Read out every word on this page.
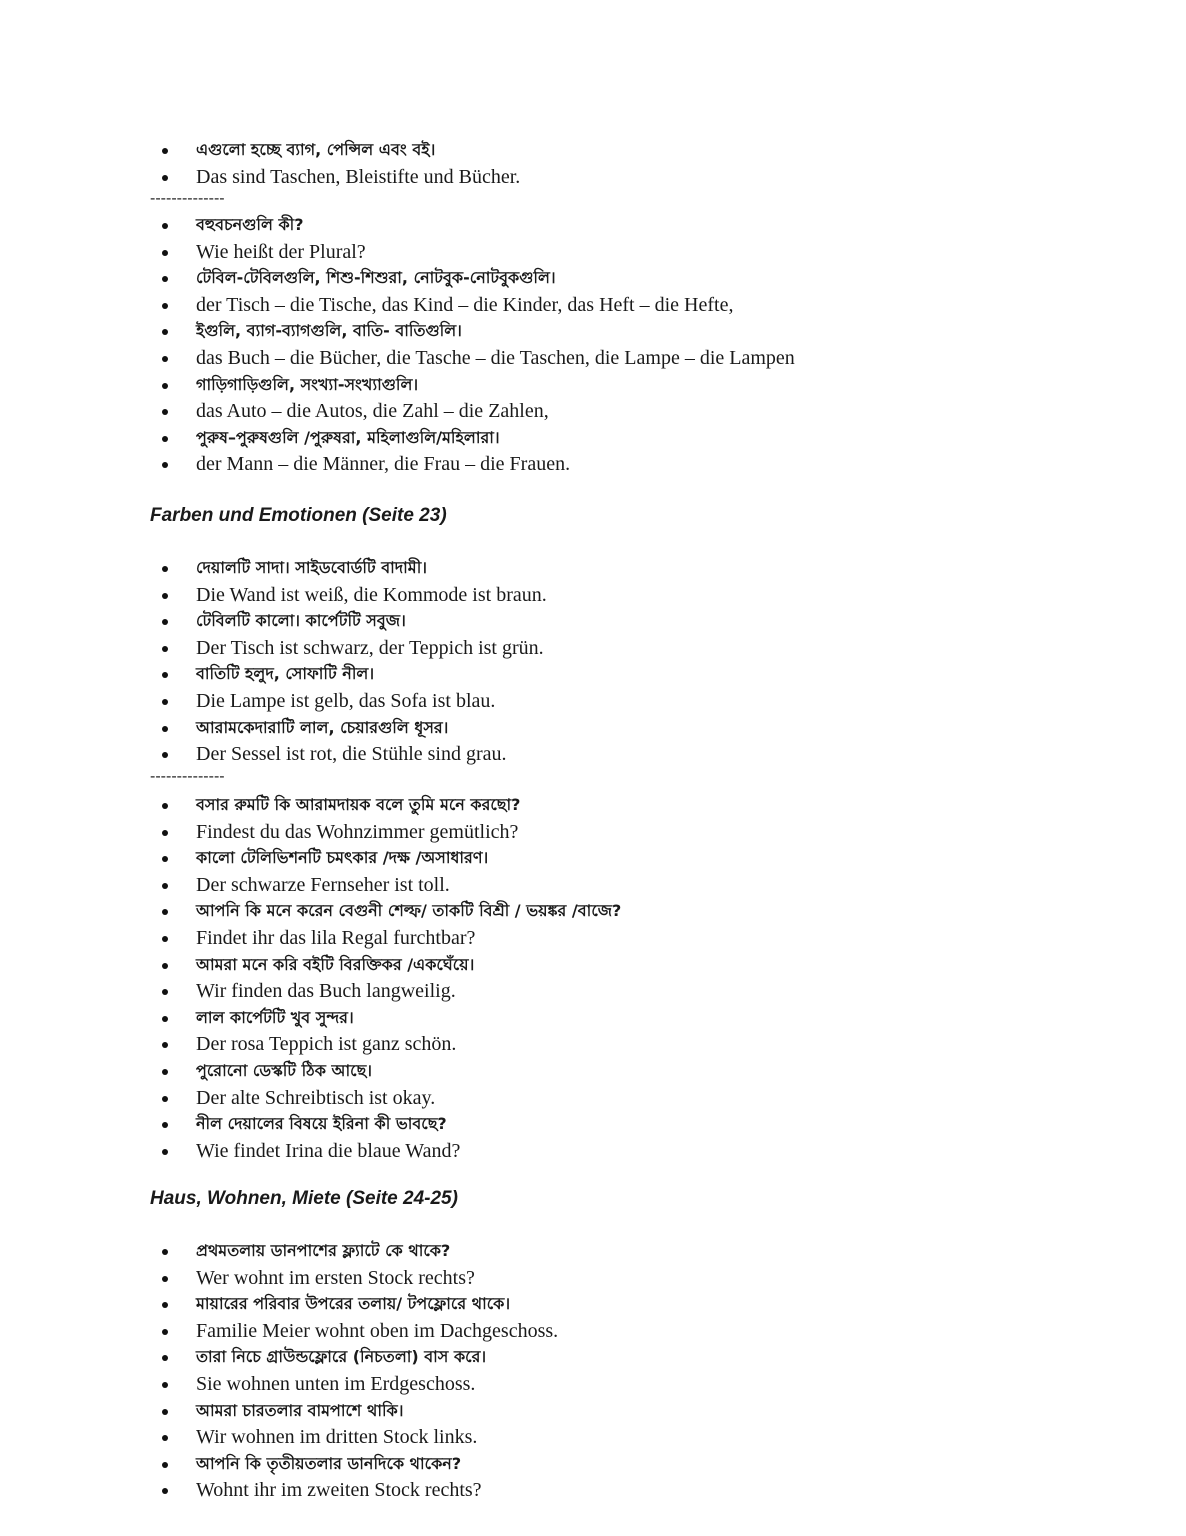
এগুলো হচ্ছে ব্যাগ, পেন্সিল এবং বই।
Das sind Taschen, Bleistifte und Bücher.
--------------
বহুবচনগুলি কী?
Wie heißt der Plural?
টেবিল-টেবিলগুলি, শিশু-শিশুরা, নোটবুক-নোটবুকগুলি।
der Tisch – die Tische, das Kind – die Kinder, das Heft – die Hefte,
ইগুলি, ব্যাগ-ব্যাগগুলি, বাতি- বাতিগুলি।
das Buch – die Bücher, die Tasche – die Taschen, die Lampe – die Lampen
গাড়িগাড়িগুলি, সংখ্যা-সংখ্যাগুলি।
das Auto – die Autos, die Zahl – die Zahlen,
পুরুষ–পুরুষগুলি /পুরুষরা, মহিলাগুলি/মহিলারা।
der Mann – die Männer, die Frau – die Frauen.
Farben und Emotionen (Seite 23)
দেয়ালটি সাদা। সাইডবোর্ডটি বাদামী।
Die Wand ist weiß, die Kommode ist braun.
টেবিলটি কালো। কার্পেটটি সবুজ।
Der Tisch ist schwarz, der Teppich ist grün.
বাতিটি হলুদ, সোফাটি নীল।
Die Lampe ist gelb, das Sofa ist blau.
আরামকেদারাটি লাল, চেয়ারগুলি ধূসর।
Der Sessel ist rot, die Stühle sind grau.
--------------
বসার রুমটি কি আরামদায়ক বলে তুমি মনে করছো?
Findest du das Wohnzimmer gemütlich?
কালো টেলিভিশনটি চমৎকার /দক্ষ /অসাধারণ।
Der schwarze Fernseher ist toll.
আপনি কি মনে করেন বেগুনী শেল্ফ/ তাকটি বিশ্রী / ভয়ঙ্কর /বাজে?
Findet ihr das lila Regal furchtbar?
আমরা মনে করি বইটি বিরক্তিকর /একঘেঁয়ে।
Wir finden das Buch langweilig.
লাল কার্পেটটি খুব সুন্দর।
Der rosa Teppich ist ganz schön.
পুরোনো ডেস্কটি ঠিক আছে।
Der alte Schreibtisch ist okay.
নীল দেয়ালের বিষয়ে ইরিনা কী ভাবছে?
Wie findet Irina die blaue Wand?
Haus, Wohnen, Miete (Seite 24-25)
প্রথমতলায় ডানপাশের ফ্ল্যাটে কে থাকে?
Wer wohnt im ersten Stock rechts?
মায়ারের পরিবার উপরের তলায়/ টপফ্লোরে থাকে।
Familie Meier wohnt oben im Dachgeschoss.
তারা নিচে গ্রাউন্ডফ্লোরে (নিচতলা) বাস করে।
Sie wohnen unten im Erdgeschoss.
আমরা চারতলার বামপাশে থাকি।
Wir wohnen im dritten Stock links.
আপনি কি তৃতীয়তলার ডানদিকে থাকেন?
Wohnt ihr im zweiten Stock rechts?
